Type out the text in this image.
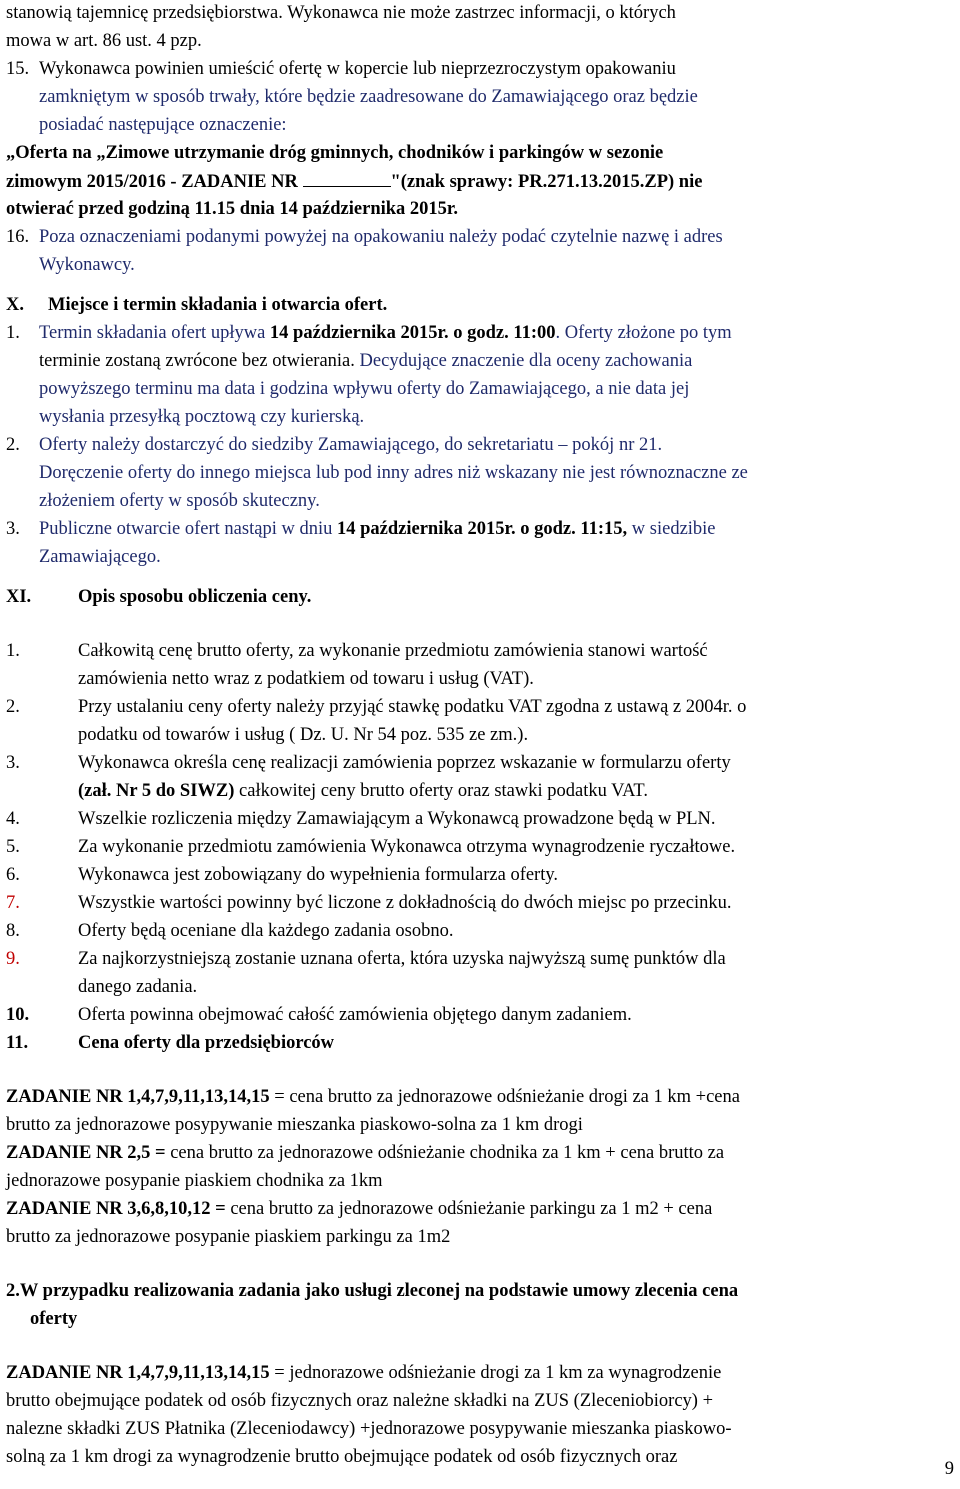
stanowią tajemnicę przedsiębiorstwa. Wykonawca nie może zastrzec informacji, o których
mowa w art. 86 ust. 4 pzp.
15. Wykonawca powinien umieścić ofertę w kopercie lub nieprzezroczystym opakowaniu
zamkniętym w sposób trwały, które będzie zaadresowane do Zamawiającego oraz będzie
posiadać następujące oznaczenie:
„Oferta na „Zimowe utrzymanie dróg gminnych, chodników i parkingów w sezonie
zimowym 2015/2016 - ZADANIE NR	"(znak sprawy: PR.271.13.2015.ZP) nie
otwierać przed godziną 11.15 dnia 14 października 2015r.
16. Poza oznaczeniami podanymi powyżej na opakowaniu należy podać czytelnie nazwę i adres
Wykonawcy.
X. Miejsce i termin składania i otwarcia ofert.
1. Termin składania ofert upływa 14 października 2015r. o godz. 11:00. Oferty złożone po tym
terminie zostaną zwrócone bez otwierania. Decydujące znaczenie dla oceny zachowania
powyższego terminu ma data i godzina wpływu oferty do Zamawiającego, a nie data jej
wysłania przesyłką pocztową czy kurierską.
2. Oferty należy dostarczyć do siedziby Zamawiającego, do sekretariatu – pokój nr 21.
Doręczenie oferty do innego miejsca lub pod inny adres niż wskazany nie jest równoznaczne ze
złożeniem oferty w sposób skuteczny.
3. Publiczne otwarcie ofert nastąpi w dniu 14 października 2015r. o godz. 11:15, w siedzibie
Zamawiającego.
XI.	Opis sposobu obliczenia ceny.
1.	Całkowitą cenę brutto oferty, za wykonanie przedmiotu zamówienia stanowi wartość
zamówienia netto wraz z podatkiem od towaru i usług (VAT).
2.	Przy ustalaniu ceny oferty należy przyjąć stawkę podatku VAT zgodna z ustawą z 2004r. o
podatku od towarów i usług ( Dz. U. Nr 54 poz. 535 ze zm.).
3.	Wykonawca określa cenę realizacji zamówienia poprzez wskazanie w formularzu oferty
(zał. Nr 5 do SIWZ) całkowitej ceny brutto oferty oraz stawki podatku VAT.
4.	Wszelkie rozliczenia między Zamawiającym a Wykonawcą prowadzone będą w PLN.
5.	Za wykonanie przedmiotu zamówienia Wykonawca otrzyma wynagrodzenie ryczałtowe.
6.	Wykonawca jest zobowiązany do wypełnienia formularza oferty.
7.	Wszystkie wartości powinny być liczone z dokładnością do dwóch miejsc po przecinku.
8.	Oferty będą oceniane dla każdego zadania osobno.
9.	Za najkorzystniejszą zostanie uznana oferta, która uzyska najwyższą sumę punktów dla
danego zadania.
10.	Oferta powinna obejmować całość zamówienia objętego danym zadaniem.
11.	Cena oferty dla przedsiębiorców
ZADANIE NR 1,4,7,9,11,13,14,15 = cena brutto za jednorazowe odśnieżanie drogi za 1 km +cena
brutto za jednorazowe posypywanie mieszanka piaskowo-solna za 1 km drogi
ZADANIE NR 2,5 = cena brutto za jednorazowe odśnieżanie chodnika za 1 km + cena brutto za
jednorazowe posypanie piaskiem chodnika za 1km
ZADANIE NR 3,6,8,10,12 = cena brutto za jednorazowe odśnieżanie parkingu za 1 m2 + cena
brutto za jednorazowe posypanie piaskiem parkingu za 1m2
2.W przypadku realizowania zadania jako usługi zleconej na podstawie umowy zlecenia cena
oferty
ZADANIE NR 1,4,7,9,11,13,14,15 = jednorazowe odśnieżanie drogi za 1 km za wynagrodzenie
brutto obejmujące podatek od osób fizycznych oraz należne składki na ZUS (Zleceniobiorcy) +
nalezne składki ZUS Płatnika (Zleceniodawcy) +jednorazowe posypywanie mieszanka piaskowo-
solną za 1 km drogi za wynagrodzenie brutto obejmujące podatek od osób fizycznych oraz
9
